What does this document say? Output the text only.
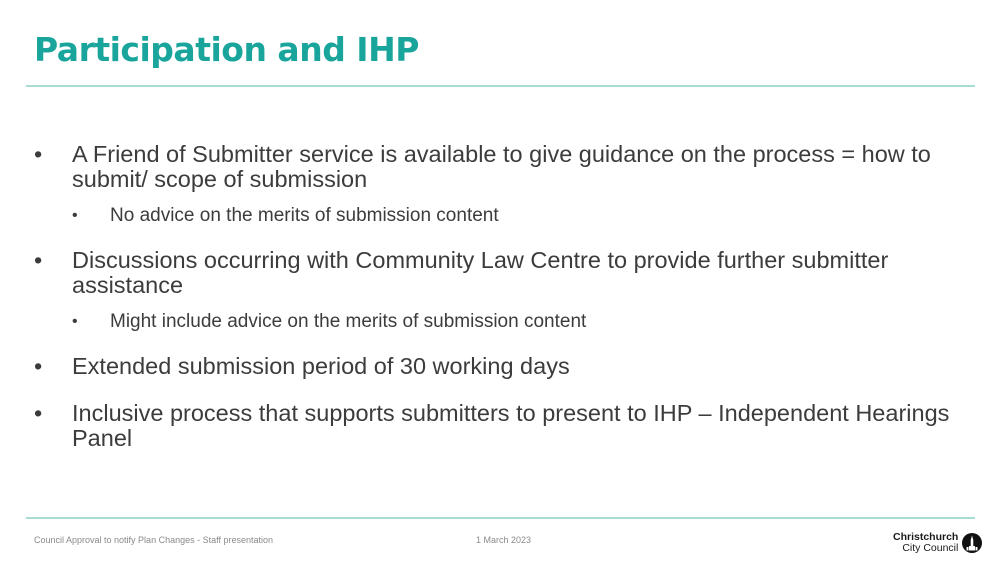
Participation and IHP
• A Friend of Submitter service is available to give guidance on the process = how to submit/ scope of submission
• No advice on the merits of submission content
• Discussions occurring with Community Law Centre to provide further submitter assistance
• Might include advice on the merits of submission content
• Extended submission period of 30 working days
• Inclusive process that supports submitters to present to IHP – Independent Hearings Panel
Council Approval to notify Plan Changes - Staff presentation	1 March 2023	Christchurch
City Council
